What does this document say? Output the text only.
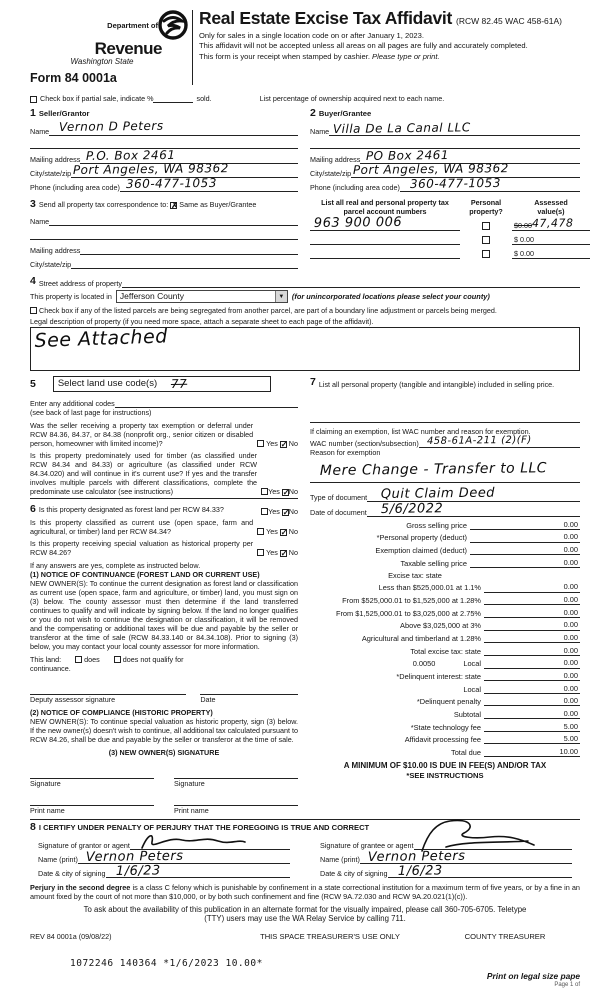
Department of
Revenue
Washington State
Form 84 0001a
Real Estate Excise Tax Affidavit (RCW 82.45 WAC 458-61A)
Only for sales in a single location code on or after January 1, 2023.
This affidavit will not be accepted unless all areas on all pages are fully and accurately completed.
This form is your receipt when stamped by cashier. Please type or print.
Check box if partial sale, indicate %	sold.	List percentage of ownership acquired next to each name.
1 Seller/Grantor
Name Vernon D Peters
Mailing address P.O. Box 2461
City/state/zip Port Angeles, WA 98362
Phone (including area code) 360-477-1053
2 Buyer/Grantee
Name Villa De La Canal LLC
Mailing address PO Box 2461
City/state/zip Port Angeles, WA 98362
Phone (including area code) 360-477-1053
3 Send all property tax correspondence to: ✗ Same as Buyer/Grantee
Name
Mailing address
City/state/zip
List all real and personal property tax parcel account numbers
Personal
property?
Assessed
value(s)
963 900 006	$0.00 47,478
$ 0.00
$ 0.00
4 Street address of property
This property is located in Jefferson County	▼	(for unincorporated locations please select your county)
Check box if any of the listed parcels are being segregated from another parcel, are part of a boundary line adjustment or parcels being merged.
Legal description of property (if you need more space, attach a separate sheet to each page of the affidavit).
See Attached
5 Select land use code(s) 77
Enter any additional codes
(see back of last page for instructions)

Was the seller receiving a property tax exemption or deferral under RCW 84.36, 84.37, or 84.38 (nonprofit org., senior citizen or disabled person, homeowner with limited income)?	Yes ✓ No

Is this property predominately used for timber (as classified under RCW 84.34 and 84.33) or agriculture (as classified under RCW 84.34.020) and will continue in it's current use? If yes and the transfer involves multiple parcels with different classifications, complete the predominate use calculator (see instructions)	Yes ✓No

6 Is this property designated as forest land per RCW 84.33?	Yes ✓No

Is this property classified as current use (open space, farm and agricultural, or timber) land per RCW 84.34?	Yes ✓ No

Is this property receiving special valuation as historical property per RCW 84.26?	Yes ✓ No

If any answers are yes, complete as instructed below.

(1) NOTICE OF CONTINUANCE (FOREST LAND OR CURRENT USE)

NEW OWNER(S): To continue the current designation as forest land or classification as current use (open space, farm and agriculture, or timber) land, you must sign on (3) below. The county assessor must then determine if the land transferred continues to qualify and will indicate by signing below. If the land no longer qualifies or you do not wish to continue the designation or classification, it will be removed and the compensating or additional taxes will be due and payable by the seller or transferor at the time of sale (RCW 84.33.140 or 84.34.108). Prior to signing (3) below, you may contact your local county assessor for more information.

This land:	does	does not qualify for
continuance.
Deputy assessor signature	Date

(2) NOTICE OF COMPLIANCE (HISTORIC PROPERTY)

NEW OWNER(S): To continue special valuation as historic property, sign (3) below. If the new owner(s) doesn't wish to continue, all additional tax calculated pursuant to RCW 84.26, shall be due and payable by the seller or transferor at the time of sale.

(3) NEW OWNER(S) SIGNATURE

Signature	Signature
Print name	Print name
7 List all personal property (tangible and intangible) included in selling price.

If claiming an exemption, list WAC number and reason for exemption.

WAC number (section/subsection) 458-61A-211 (2)(F)
Reason for exemption
Mere Change - Transfer to LLC
Type of document Quit Claim Deed
Date of document 5/6/2022
Gross selling price	0.00
*Personal property (deduct)	0.00
Exemption claimed (deduct)	0.00
Taxable selling price	0.00
Excise tax: state
Less than $525,000.01 at 1.1%	0.00
From $525,000.01 to $1,525,000 at 1.28%	0.00
From $1,525,000.01 to $3,025,000 at 2.75%	0.00
Above $3,025,000 at 3%	0.00
Agricultural and timberland at 1.28%	0.00
Total excise tax: state	0.00
0.0050	Local	0.00
*Delinquent interest: state	0.00
Local	0.00
*Delinquent penalty	0.00
Subtotal	0.00
*State technology fee	5.00
Affidavit processing fee	5.00
Total due	10.00
A MINIMUM OF $10.00 IS DUE IN FEE(S) AND/OR TAX
*SEE INSTRUCTIONS
8 I CERTIFY UNDER PENALTY OF PERJURY THAT THE FOREGOING IS TRUE AND CORRECT
Signature of grantor or agent
Name (print) Vernon Peters
Date & city of signing 1/6/23
Signature of grantee or agent
Name (print) Vernon Peters
Date & city of signing 1/6/23

Perjury in the second degree is a class C felony which is punishable by confinement in a state correctional institution for a maximum term of five years, or by a fine in an amount fixed by the court of not more than $10,000, or by both such confinement and fine (RCW 9A.72.030 and RCW 9A.20.021(1)(c)).

To ask about the availability of this publication in an alternate format for the visually impaired, please call 360-705-6705. Teletype

(TTY) users may use the WA Relay Service by calling 711.

REV 84 0001a (09/08/22)	THIS SPACE TREASURER'S USE ONLY	COUNTY TREASURER
1072246 140364 *1/6/2023 10.00*
Print on legal size pape
Page 1 of
